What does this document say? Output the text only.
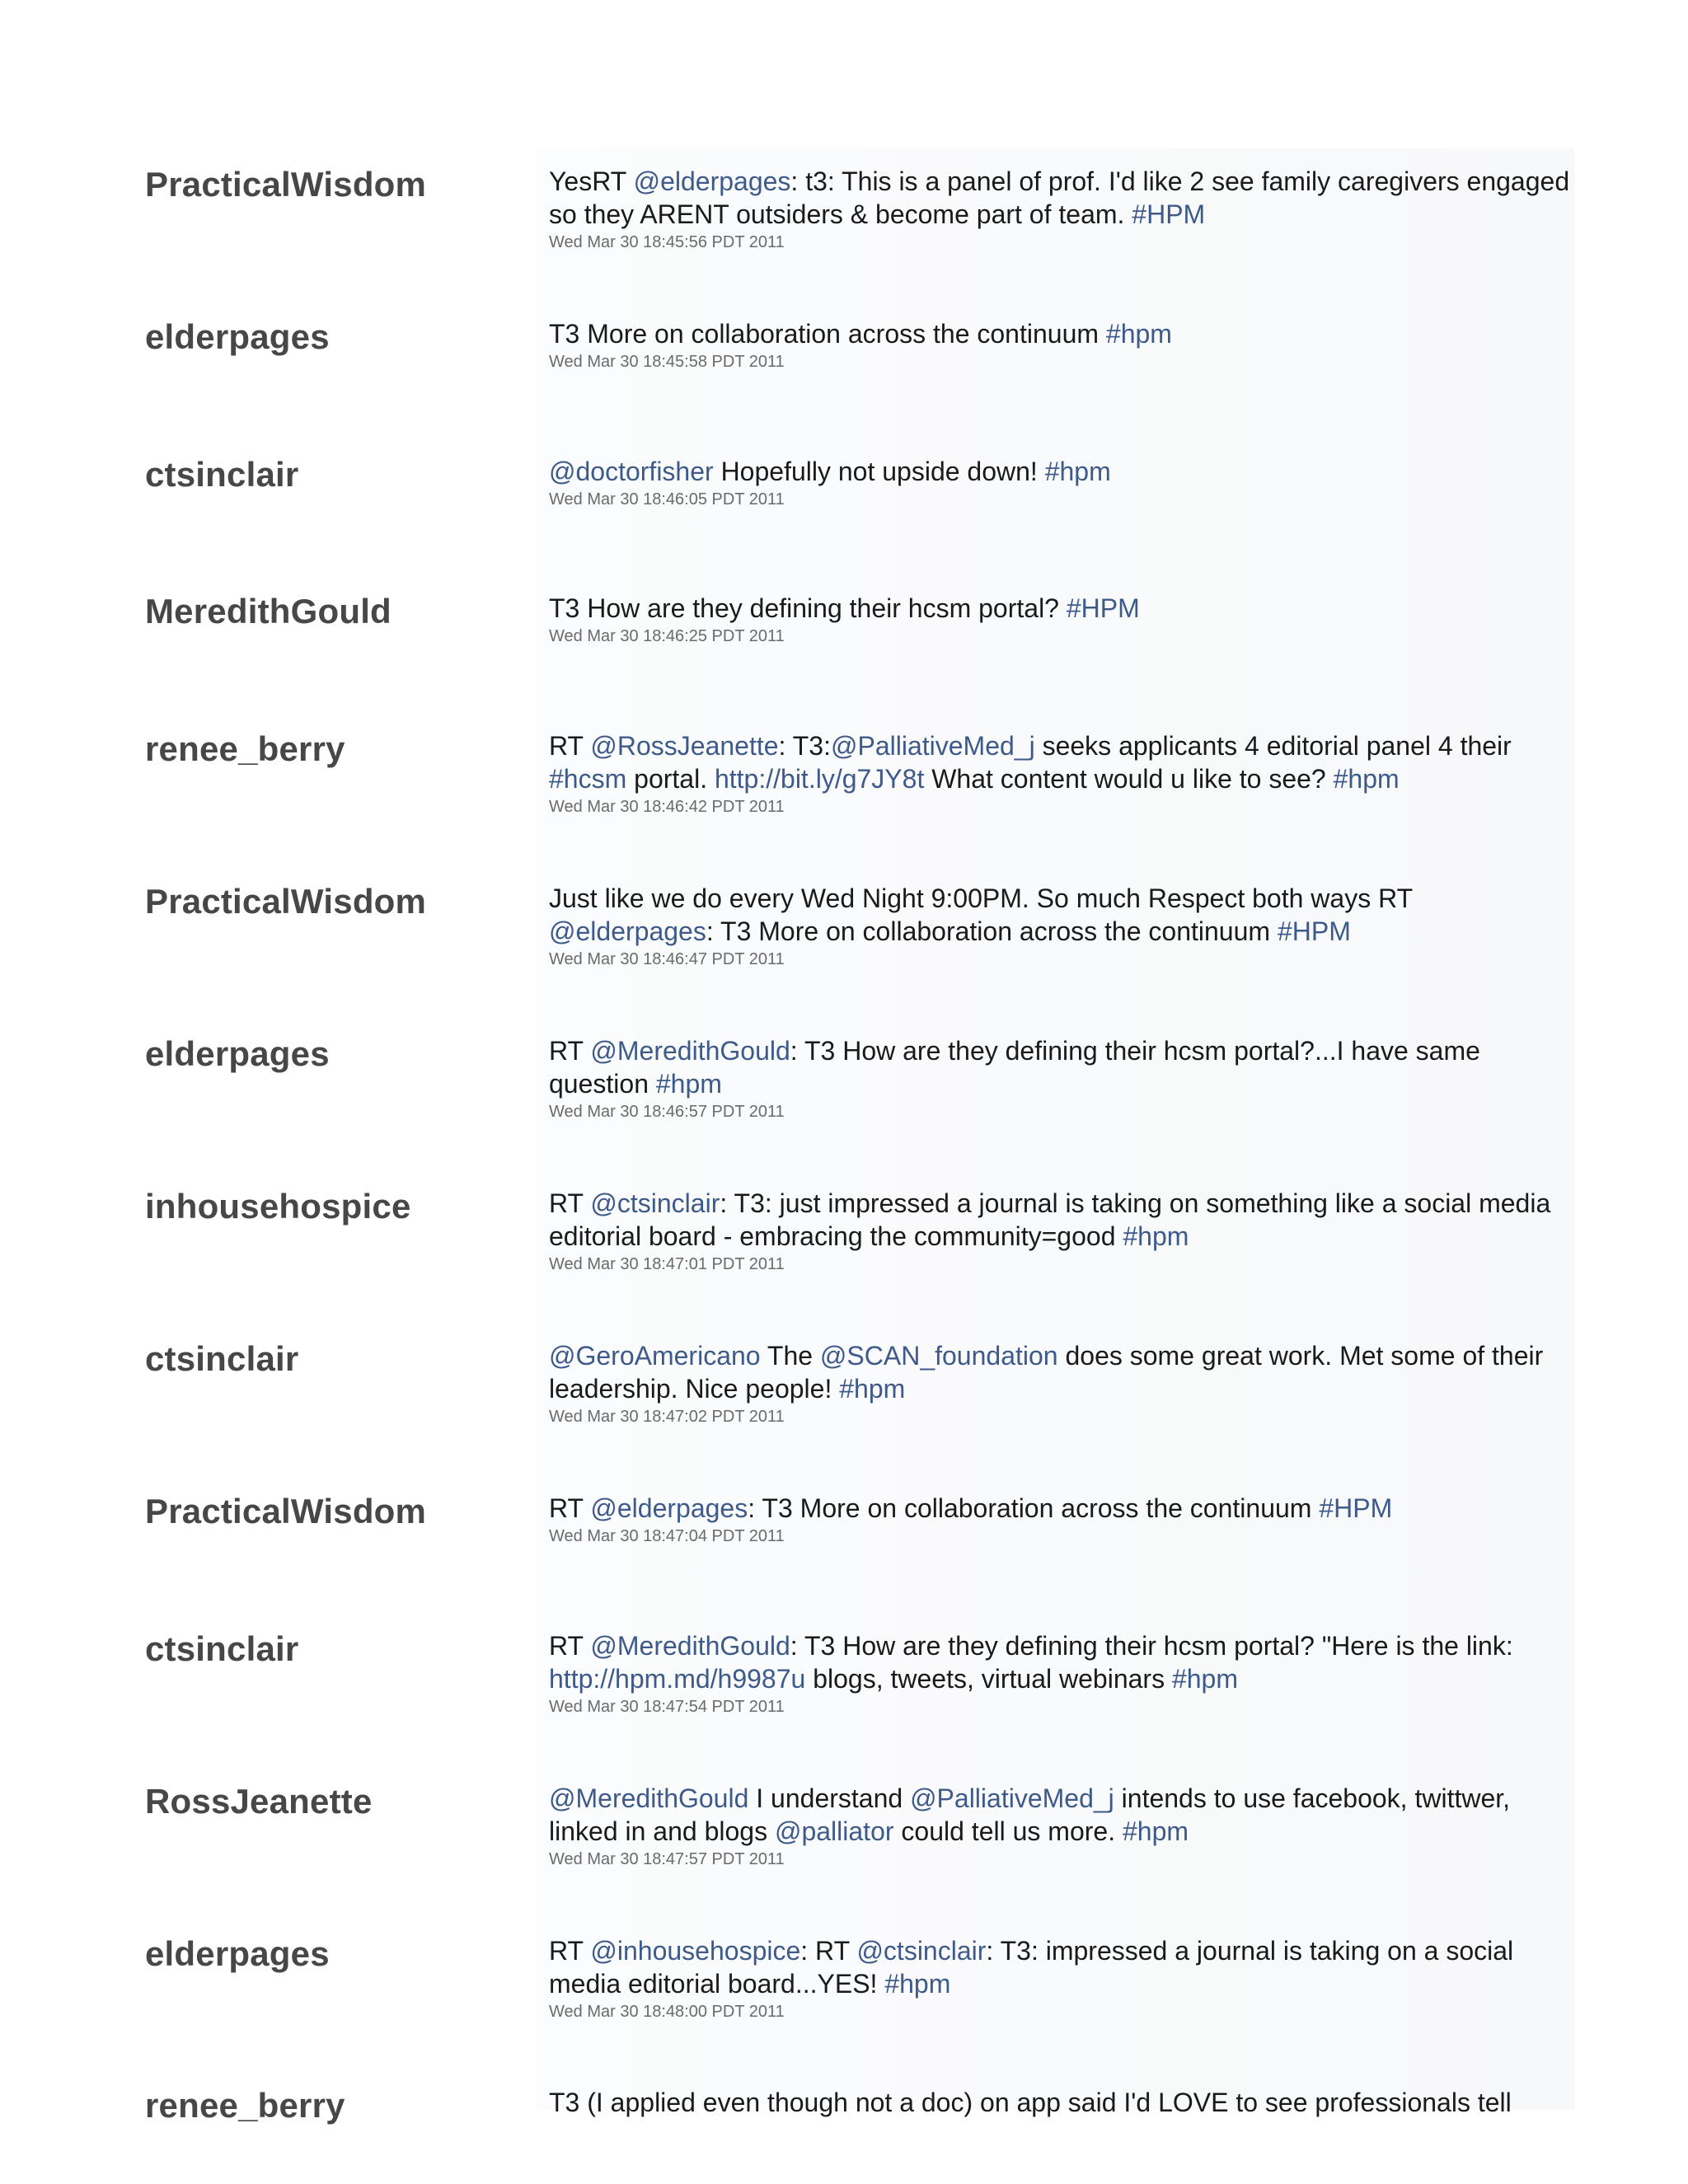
PracticalWisdom	YesRT @elderpages: t3: This is a panel of prof. I'd like 2 see family caregivers engaged so they ARENT outsiders & become part of team. #HPM
Wed Mar 30 18:45:56 PDT 2011
elderpages	T3 More on collaboration across the continuum #hpm
Wed Mar 30 18:45:58 PDT 2011
ctsinclair	@doctorfisher Hopefully not upside down! #hpm
Wed Mar 30 18:46:05 PDT 2011
MeredithGould	T3 How are they defining their hcsm portal? #HPM
Wed Mar 30 18:46:25 PDT 2011
renee_berry	RT @RossJeanette: T3:@PalliativeMed_j seeks applicants 4 editorial panel 4 their #hcsm portal. http://bit.ly/g7JY8t What content would u like to see? #hpm
Wed Mar 30 18:46:42 PDT 2011
PracticalWisdom	Just like we do every Wed Night 9:00PM. So much Respect both ways RT @elderpages: T3 More on collaboration across the continuum #HPM
Wed Mar 30 18:46:47 PDT 2011
elderpages	RT @MeredithGould: T3 How are they defining their hcsm portal?...I have same question #hpm
Wed Mar 30 18:46:57 PDT 2011
inhousehospice	RT @ctsinclair: T3: just impressed a journal is taking on something like a social media editorial board - embracing the community=good #hpm
Wed Mar 30 18:47:01 PDT 2011
ctsinclair	@GeroAmericano The @SCAN_foundation does some great work. Met some of their leadership. Nice people! #hpm
Wed Mar 30 18:47:02 PDT 2011
PracticalWisdom	RT @elderpages: T3 More on collaboration across the continuum #HPM
Wed Mar 30 18:47:04 PDT 2011
ctsinclair	RT @MeredithGould: T3 How are they defining their hcsm portal? "Here is the link: http://hpm.md/h9987u blogs, tweets, virtual webinars #hpm
Wed Mar 30 18:47:54 PDT 2011
RossJeanette	@MeredithGould I understand @PalliativeMed_j intends to use facebook, twittwer, linked in and blogs @palliator could tell us more. #hpm
Wed Mar 30 18:47:57 PDT 2011
elderpages	RT @inhousehospice: RT @ctsinclair: T3: impressed a journal is taking on a social media editorial board...YES! #hpm
Wed Mar 30 18:48:00 PDT 2011
renee_berry	T3 (I applied even though not a doc) on app said I'd LOVE to see professionals tell
